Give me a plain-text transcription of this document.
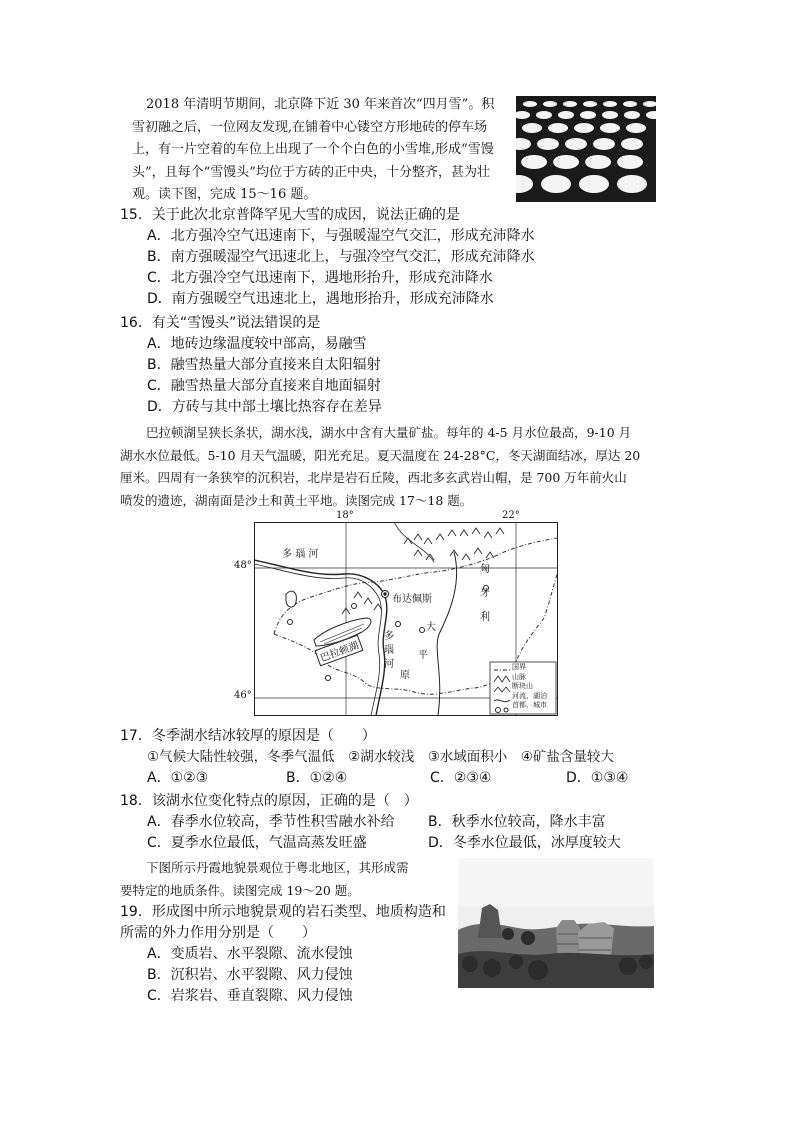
2018 年清明节期间，北京降下近 30 年来首次“四月雪”。积
雪初融之后，一位网友发现,在铺着中心镂空方形地砖的停车场
上，有一片空着的车位上出现了一个个白色的小雪堆,形成“雪馒
头”，且每个“雪馒头”均位于方砖的正中央，十分整齐，甚为壮
观。读下图，完成 15～16 题。
15．关于此次北京普降罕见大雪的成因，说法正确的是
A．北方强冷空气迅速南下，与强暖湿空气交汇，形成充沛降水
B．南方强暖湿空气迅速北上，与强冷空气交汇，形成充沛降水
C．北方强冷空气迅速南下，遇地形抬升，形成充沛降水
D．南方强暖空气迅速北上，遇地形抬升，形成充沛降水
16．有关“雪馒头”说法错误的是
A．地砖边缘温度较中部高，易融雪
B．融雪热量大部分直接来自太阳辐射
C．融雪热量大部分直接来自地面辐射
D．方砖与其中部土壤比热容存在差异
巴拉顿湖呈狭长条状，湖水浅，湖水中含有大量矿盐。每年的 4-5 月水位最高，9-10 月
湖水水位最低。5-10 月天气温暖，阳光充足。夏天温度在 24-28°C，冬天湖面结冰，厚达 20
厘米。四周有一条狭窄的沉积岩，北岸是岩石丘陵，西北多玄武岩山帽，是 700 万年前火山
喷发的遗迹，湖南面是沙土和黄土平地。读图完成 17～18 题。
18°	22°
48°
46°
多 瑙 河
多
瑙
河
布达佩斯
巴拉顿湖
匈
牙
利
大
平
原
国界
山脉
断块山
河流、湖泊
首都、城市
17．冬季湖水结冰较厚的原因是（　　）
①气候大陆性较强，冬季气温低　②湖水较浅　③水域面积小　④矿盐含量较大
A．①②③	B．①②④	C．②③④	D．①③④
18．该湖水位变化特点的原因，正确的是（　）
A．春季水位较高，季节性积雪融水补给 B．秋季水位较高，降水丰富
C．夏季水位最低，气温高蒸发旺盛	D．冬季水位最低，冰厚度较大
下图所示丹霞地貌景观位于粤北地区，其形成需
要特定的地质条件。读图完成 19～20 题。
19．形成图中所示地貌景观的岩石类型、地质构造和
所需的外力作用分别是（　　）
A．变质岩、水平裂隙、流水侵蚀
B．沉积岩、水平裂隙、风力侵蚀
C．岩浆岩、垂直裂隙、风力侵蚀
